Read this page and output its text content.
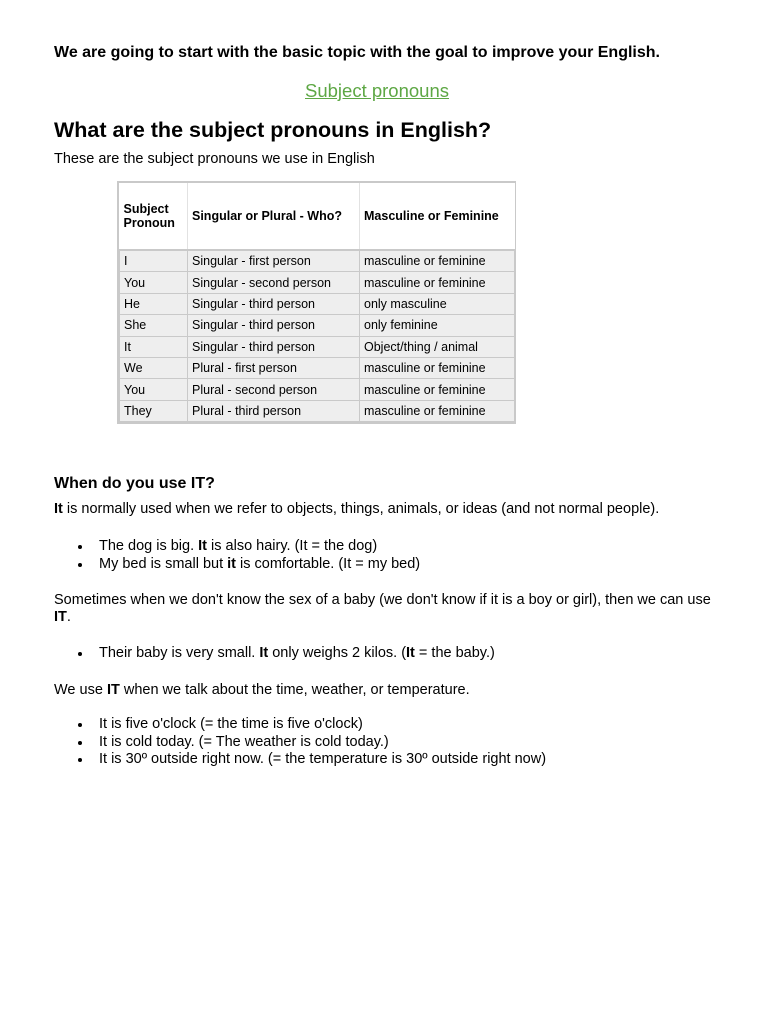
We are going to start with the basic topic with the goal to improve your English.
Subject pronouns
What are the subject pronouns in English?
These are the subject pronouns we use in English
Subject Pronoun	Singular or Plural - Who?	Masculine or Feminine
I	Singular - first person	masculine or feminine
You	Singular - second person	masculine or feminine
He	Singular - third person	only masculine
She	Singular - third person	only feminine
It	Singular - third person	Object/thing / animal
We	Plural - first person	masculine or feminine
You	Plural - second person	masculine or feminine
They	Plural - third person	masculine or feminine
When do you use IT?
It is normally used when we refer to objects, things, animals, or ideas (and not normal people).
The dog is big. It is also hairy. (It = the dog)
My bed is small but it is comfortable. (It = my bed)
Sometimes when we don't know the sex of a baby (we don't know if it is a boy or girl), then we can use IT.
Their baby is very small. It only weighs 2 kilos. (It = the baby.)
We use IT when we talk about the time, weather, or temperature.
It is five o'clock (= the time is five o'clock)
It is cold today. (= The weather is cold today.)
It is 30º outside right now. (= the temperature is 30º outside right now)
